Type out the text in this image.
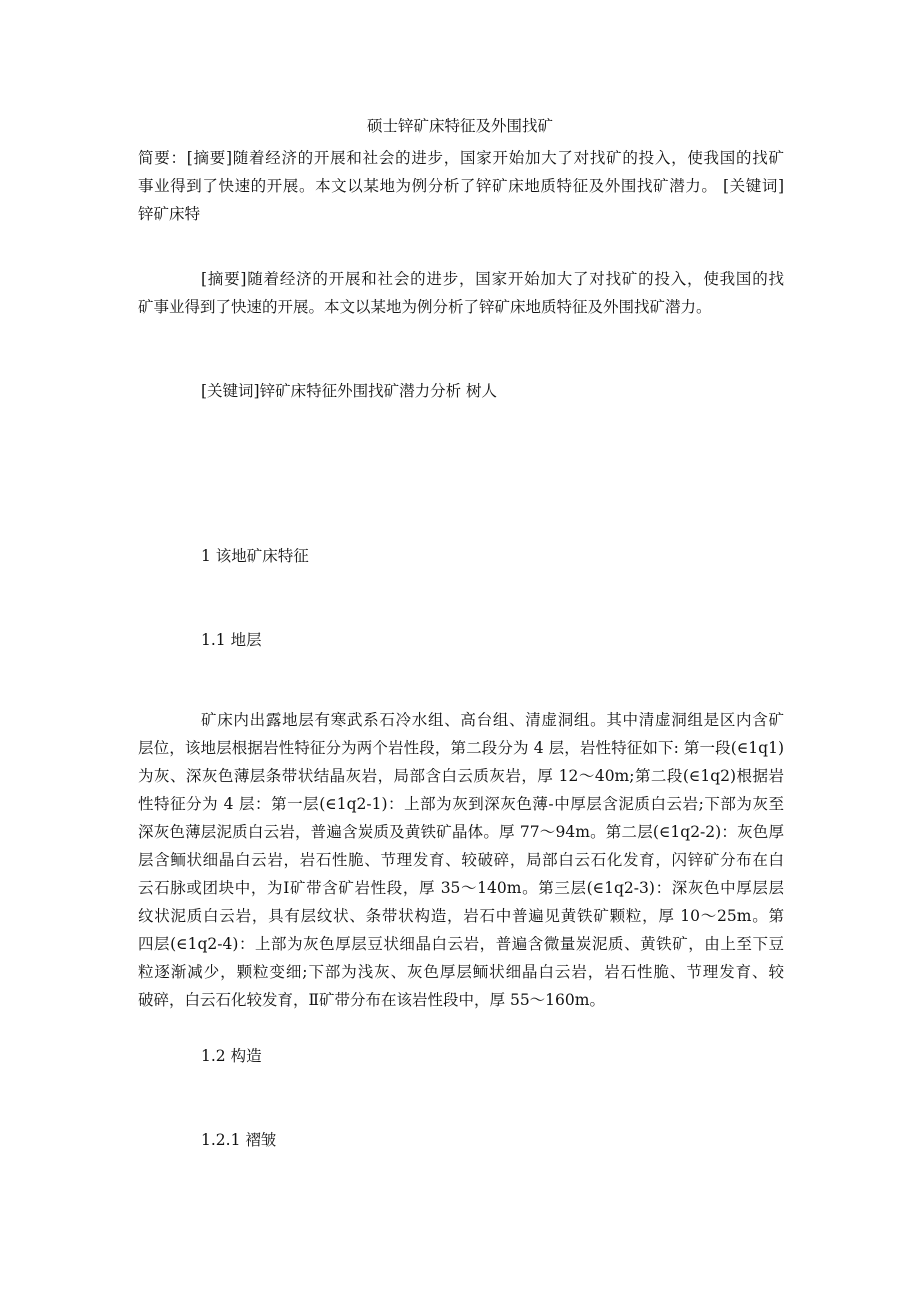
硕士锌矿床特征及外围找矿
简要：[摘要]随着经济的开展和社会的进步，国家开始加大了对找矿的投入，使我国的找矿
事业得到了快速的开展。本文以某地为例分析了锌矿床地质特征及外围找矿潜力。 [关键词]
锌矿床特
[摘要]随着经济的开展和社会的进步，国家开始加大了对找矿的投入，使我国的找
矿事业得到了快速的开展。本文以某地为例分析了锌矿床地质特征及外围找矿潜力。
[关键词]锌矿床特征外围找矿潜力分析 树人
1 该地矿床特征
1.1 地层
矿床内出露地层有寒武系石冷水组、高台组、清虚洞组。其中清虚洞组是区内含矿
层位，该地层根据岩性特征分为两个岩性段，第二段分为 4 层，岩性特征如下: 第一段(∈1q1)
为灰、深灰色薄层条带状结晶灰岩，局部含白云质灰岩，厚 12～40m;第二段(∈1q2)根据岩
性特征分为 4 层：第一层(∈1q2-1)：上部为灰到深灰色薄-中厚层含泥质白云岩;下部为灰至
深灰色薄层泥质白云岩，普遍含炭质及黄铁矿晶体。厚 77～94m。第二层(∈1q2-2)：灰色厚
层含鲕状细晶白云岩，岩石性脆、节理发育、较破碎，局部白云石化发育，闪锌矿分布在白
云石脉或团块中，为Ⅰ矿带含矿岩性段，厚 35～140m。第三层(∈1q2-3)：深灰色中厚层层
纹状泥质白云岩，具有层纹状、条带状构造，岩石中普遍见黄铁矿颗粒，厚 10～25m。第
四层(∈1q2-4)：上部为灰色厚层豆状细晶白云岩，普遍含微量炭泥质、黄铁矿，由上至下豆
粒逐渐减少，颗粒变细;下部为浅灰、灰色厚层鲕状细晶白云岩，岩石性脆、节理发育、较
破碎，白云石化较发育，Ⅱ矿带分布在该岩性段中，厚 55～160m。
1.2 构造
1.2.1 褶皱
